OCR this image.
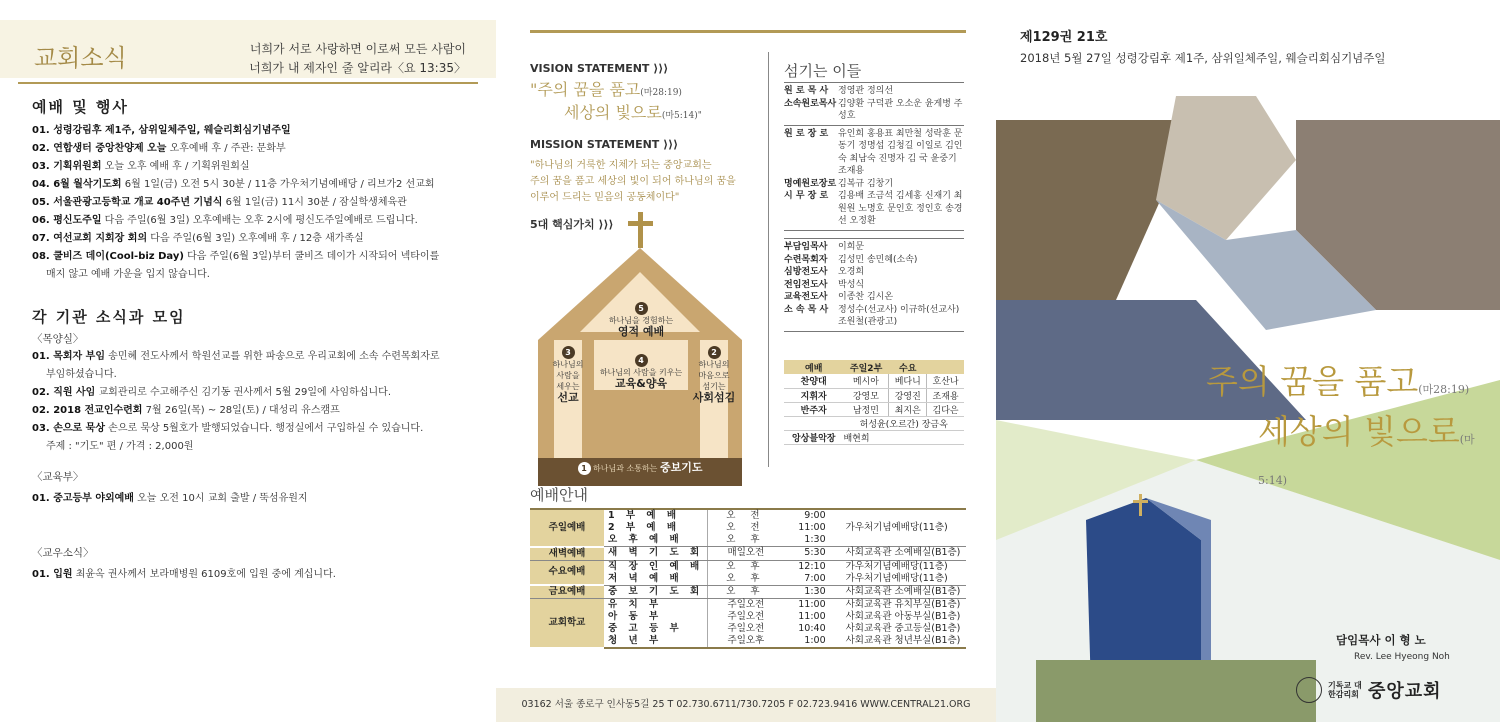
교회소식	너희가 서로 사랑하면 이로써 모든 사람이
너희가 내 제자인 줄 알리라〈요 13:35〉
예배 및 행사
01. 성령강림후 제1주, 삼위일체주일, 웨슬리회심기념주일
02. 연합생터 중앙찬양제 오늘 오후예배 후 / 주관: 문화부
03. 기획위원회 오늘 오후 예배 후 / 기획위원회실
04. 6월 월삭기도회 6월 1일(금) 오전 5시 30분 / 11층 가우처기념예배당 / 리브가2 선교회
05. 서울관광고등학교 개교 40주년 기념식 6월 1일(금) 11시 30분 / 잠실학생체육관
06. 평신도주일 다음 주일(6월 3일) 오후예배는 오후 2시에 평신도주일예배로 드립니다.
07. 여선교회 지회장 회의 다음 주일(6월 3일) 오후예배 후 / 12층 새가족실
08. 쿨비즈 데이(Cool-biz Day) 다음 주일(6월 3일)부터 쿨비즈 데이가 시작되어 넥타이를
매지 않고 예배 가운을 입지 않습니다.
각 기관 소식과 모임
〈목양실〉
01. 목회자 부임 송민혜 전도사께서 학원선교를 위한 파송으로 우리교회에 소속 수련목회자로
부임하셨습니다.
02. 직원 사임 교회관리로 수고해주신 김기동 권사께서 5월 29일에 사임하십니다.
02. 2018 전교인수련회 7월 26일(목) ~ 28일(토) / 대성리 유스캠프
03. 손으로 묵상 손으로 묵상 5월호가 발행되었습니다. 행정실에서 구입하실 수 있습니다.
주제 : "기도" 편 / 가격 : 2,000원
〈교육부〉
01. 중고등부 야외예배 오늘 오전 10시 교회 출발 / 뚝섬유원지
〈교우소식〉
01. 입원 최윤옥 권사께서 보라매병원 6109호에 입원 중에 계십니다.
VISION STATEMENT ⟩⟩⟩
"주의 꿈을 품고(마28:19)
세상의 빛으로(마5:14)"
MISSION STATEMENT ⟩⟩⟩
"하나님의 거룩한 지체가 되는 중앙교회는
주의 꿈을 품고 세상의 빛이 되어 하나님의 꿈을
이루어 드리는 믿음의 공동체이다"
5대 핵심가치 ⟩⟩⟩
5
하나님을 경험하는
영적 예배
3
하나님의
사람을
세우는
선교
4
하나님의 사람을 키우는
교육&양육
2
하나님의
마음으로
섬기는
사회섬김
1 하나님과 소통하는 중보기도
섬기는 이들
원 로 목 사	정영관 정의선
소속원로목사 김양환 구덕관 오소운 윤게병 주성호
원 로 장 로	유인희 홍용표 최만철 성락훈 문동기 정명섭 김청길 이일로 김인숙 최남숙 진명자 김 국 윤중기 조재용
명예원로장로 김복규 김창기
시 무 장 로	김용배 조금석 김세홍 신재기 최원원 노명호 문인호 정인호 송경선 오정환
부담임목사	이희문
수련목회자	김성민 송민혜(소속)
심방전도사	오경희
전임전도사	박성식
교육전도사	이종찬 김시온
소 속 목 사	정성수(선교사) 이규하(선교사) 조원철(관광고)
예배	주일2부	수요	
찬양대	메시아	베다니	호산나
지휘자	강영모	강영진	조재용
반주자	남정민	최지은	김다은
	허성윤(오르간) 장금옥		
앙상블악장	배현희		
예배안내
주일예배	1 부 예 배	오 전	9:00	
	2 부 예 배	오 전	11:00	가우처기념예배당(11층)
	오 후 예 배	오 후	1:30	
새벽예배	새 벽 기 도 회	매일오전	5:30	사회교육관 소예배실(B1층)
수요예배	직 장 인 예 배	오 후	12:10	가우처기념예배당(11층)
	저 녁 예 배	오 후	7:00	가우처기념예배당(11층)
금요예배	중 보 기 도 회	오 후	1:30	사회교육관 소예배실(B1층)
교회학교	유 치 부	주일오전	11:00	사회교육관 유치부실(B1층)
	아 동 부	주일오전	11:00	사회교육관 아동부실(B1층)
	중 고 등 부	주일오전	10:40	사회교육관 중고등실(B1층)
	청 년 부	주일오후	1:00	사회교육관 청년부실(B1층)
03162 서울 종로구 인사동5길 25 T 02.730.6711/730.7205 F 02.723.9416 WWW.CENTRAL21.ORG
제129권 21호
2018년 5월 27일 성령강림후 제1주, 삼위일체주일, 웨슬리회심기념주일
주의 꿈을 품고(마28:19)
세상의 빛으로(마5:14)
담임목사 이 형 노
Rev. Lee Hyeong Noh
기독교 대한감리회 중앙교회
